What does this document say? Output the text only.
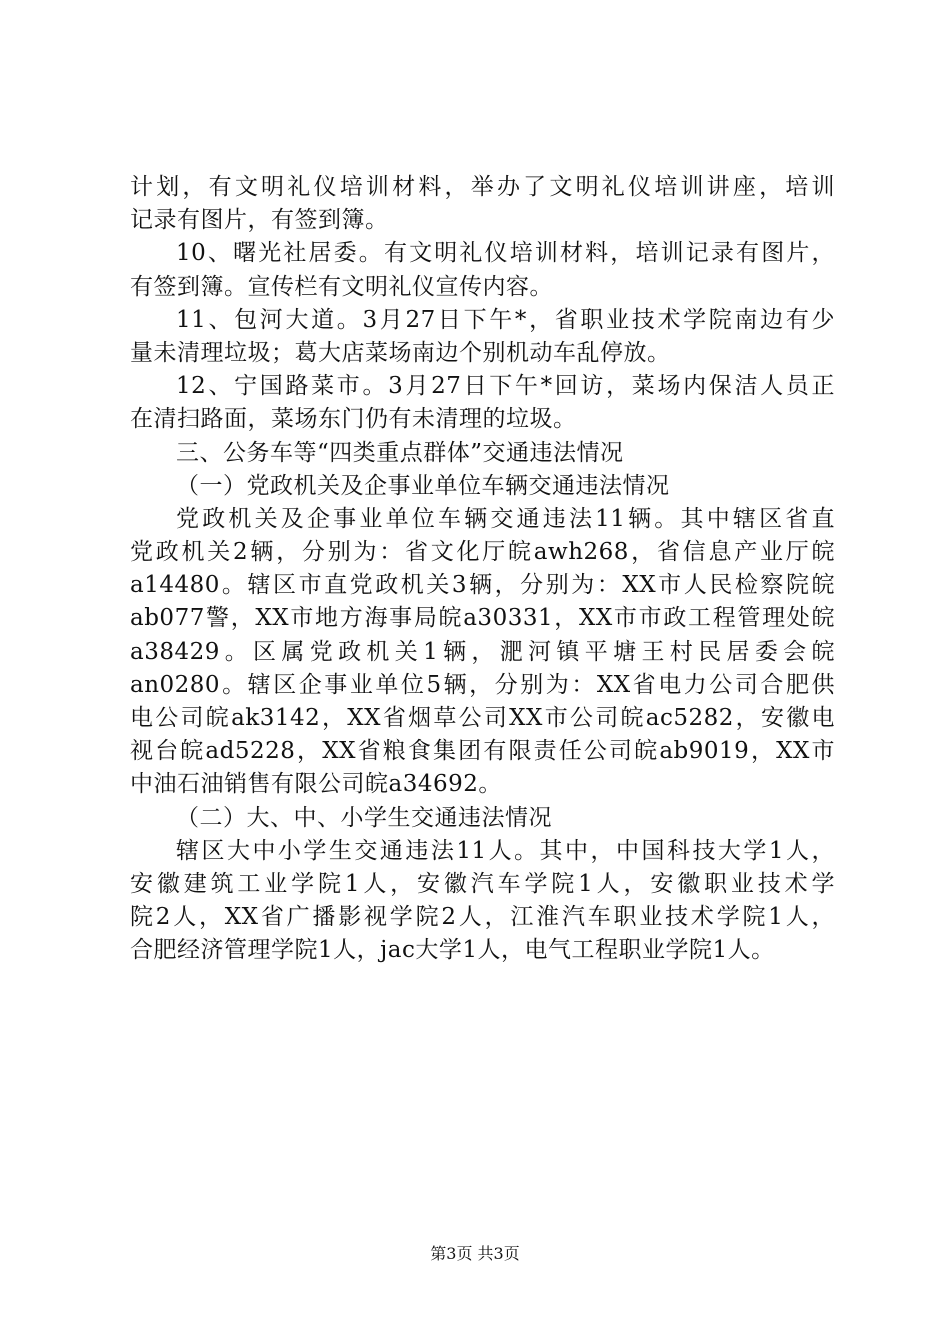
计划，有文明礼仪培训材料，举办了文明礼仪培训讲座，培训
记录有图片，有签到簿。
10、曙光社居委。有文明礼仪培训材料，培训记录有图片，
有签到簿。宣传栏有文明礼仪宣传内容。
11、包河大道。3月27日下午*，省职业技术学院南边有少
量未清理垃圾；葛大店菜场南边个别机动车乱停放。
12、宁国路菜市。3月27日下午*回访，菜场内保洁人员正
在清扫路面，菜场东门仍有未清理的垃圾。
三、公务车等“四类重点群体”交通违法情况
（一）党政机关及企事业单位车辆交通违法情况
党政机关及企事业单位车辆交通违法11辆。其中辖区省直
党政机关2辆，分别为：省文化厅皖awh268，省信息产业厅皖
a14480。辖区市直党政机关3辆，分别为：XX市人民检察院皖
ab077警，XX市地方海事局皖a30331，XX市市政工程管理处皖
a38429。区属党政机关1辆，淝河镇平塘王村民居委会皖
an0280。辖区企事业单位5辆，分别为：XX省电力公司合肥供
电公司皖ak3142，XX省烟草公司XX市公司皖ac5282，安徽电
视台皖ad5228，XX省粮食集团有限责任公司皖ab9019，XX市
中油石油销售有限公司皖a34692。
（二）大、中、小学生交通违法情况
辖区大中小学生交通违法11人。其中，中国科技大学1人，
安徽建筑工业学院1人，安徽汽车学院1人，安徽职业技术学
院2人，XX省广播影视学院2人，江淮汽车职业技术学院1人，
合肥经济管理学院1人，jac大学1人，电气工程职业学院1人。
第3页 共3页
